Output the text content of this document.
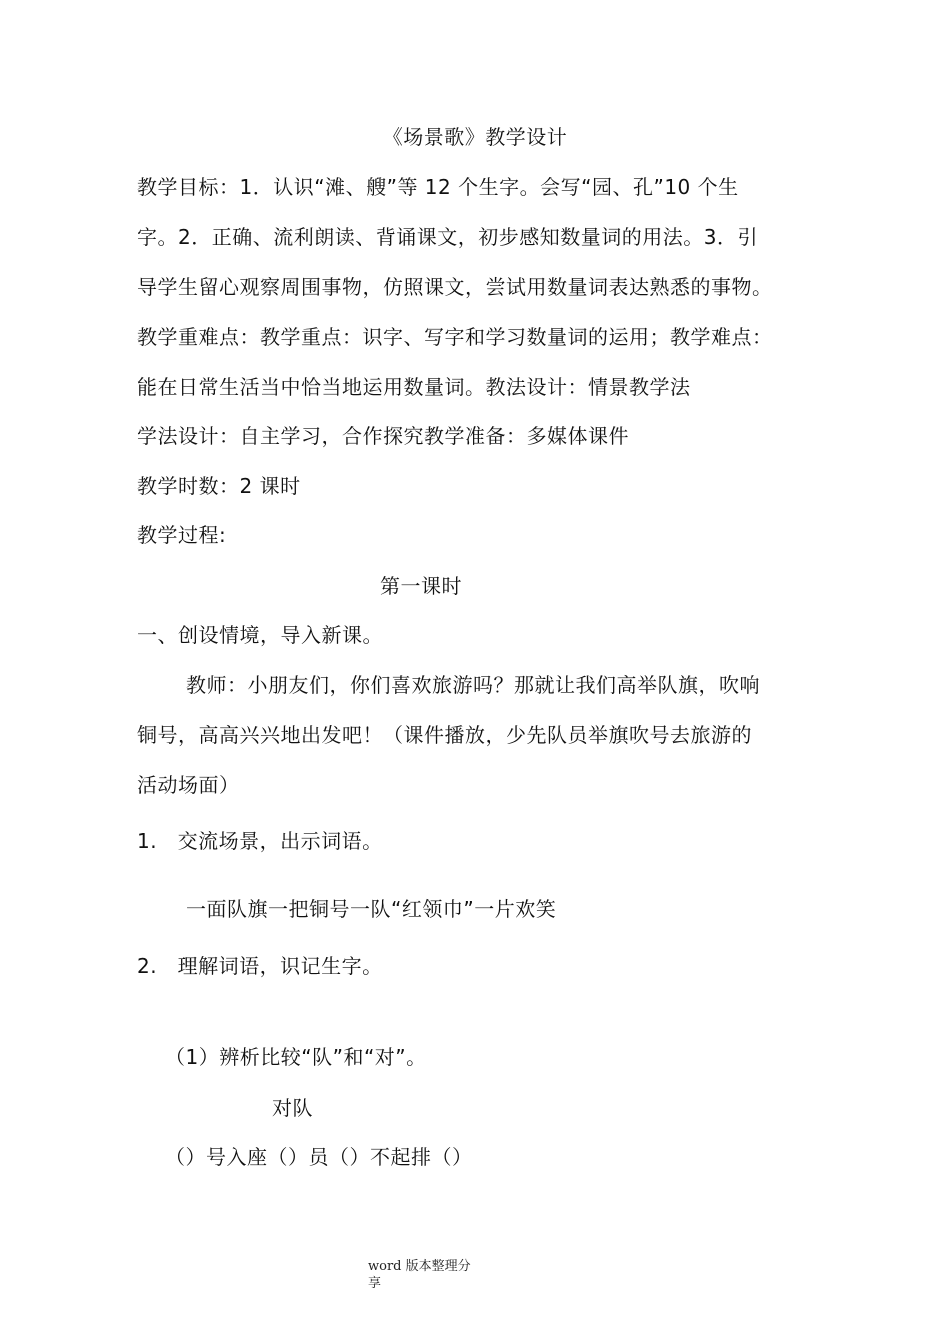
《场景歌》教学设计
教学目标：1．认识“滩、艘”等 12 个生字。会写“园、孔”10 个生
字。2．正确、流利朗读、背诵课文，初步感知数量词的用法。3．引
导学生留心观察周围事物，仿照课文，尝试用数量词表达熟悉的事物。
教学重难点：教学重点：识字、写字和学习数量词的运用；教学难点：
能在日常生活当中恰当地运用数量词。教法设计：情景教学法
学法设计：自主学习，合作探究教学准备：多媒体课件
教学时数：2 课时
教学过程:
第一课时
一、创设情境，导入新课。
教师：小朋友们，你们喜欢旅游吗？那就让我们高举队旗，吹响
铜号，高高兴兴地出发吧！（课件播放，少先队员举旗吹号去旅游的
活动场面）
1.　交流场景，出示词语。
一面队旗一把铜号一队“红领巾”一片欢笑
2.　理解词语，识记生字。
（1）辨析比较“队”和“对”。
对队
（）号入座（）员（）不起排（）
word 版本整理分
享
